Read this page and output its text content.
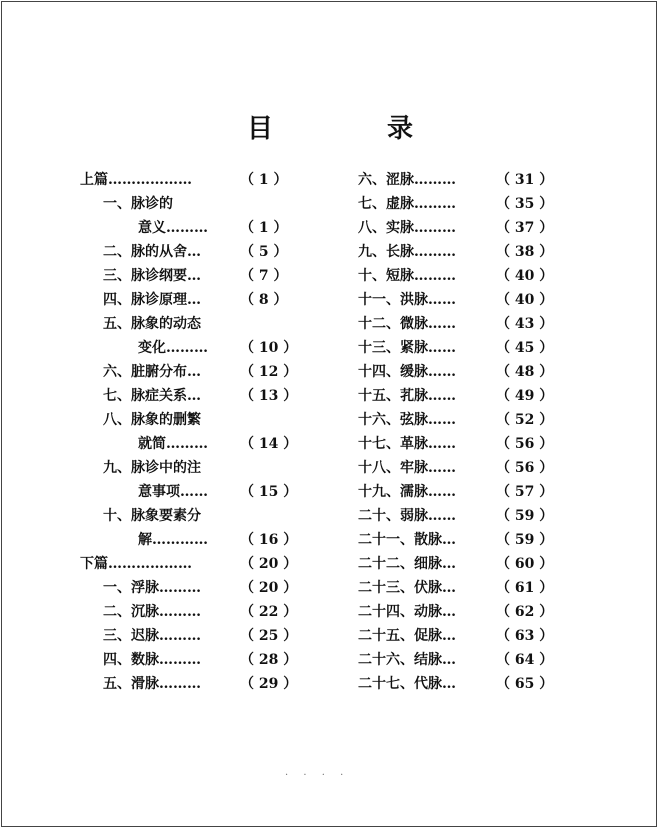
目　录
上篇………………	（ 1 ）
一、脉诊的
意义……… （ 1 ）
二、脉的从舍…	（ 5 ）
三、脉诊纲要…	（ 7 ）
四、脉诊原理…	（ 8 ）
五、脉象的动态
变化……… （ 10 ）
六、脏腑分布…	（ 12 ）
七、脉症关系…	（ 13 ）
八、脉象的删繁
就简……… （ 14 ）
九、脉诊中的注
意事项…… （ 15 ）
十、脉象要素分
解………… （ 16 ）
下篇………………	（ 20 ）
一、浮脉………	（ 20 ）
二、沉脉………	（ 22 ）
三、迟脉………	（ 25 ）
四、数脉………	（ 28 ）
五、滑脉………	（ 29 ）
六、涩脉………	（ 31 ）
七、虚脉………	（ 35 ）
八、实脉………	（ 37 ）
九、长脉………	（ 38 ）
十、短脉………	（ 40 ）
十一、洪脉……	（ 40 ）
十二、微脉……	（ 43 ）
十三、紧脉……	（ 45 ）
十四、缓脉……	（ 48 ）
十五、芤脉……	（ 49 ）
十六、弦脉……	（ 52 ）
十七、革脉……	（ 56 ）
十八、牢脉……	（ 56 ）
十九、濡脉……	（ 57 ）
二十、弱脉……	（ 59 ）
二十一、散脉…	（ 59 ）
二十二、细脉…	（ 60 ）
二十三、伏脉…	（ 61 ）
二十四、动脉…	（ 62 ）
二十五、促脉…	（ 63 ）
二十六、结脉…	（ 64 ）
二十七、代脉…	（ 65 ）
· · · ·
